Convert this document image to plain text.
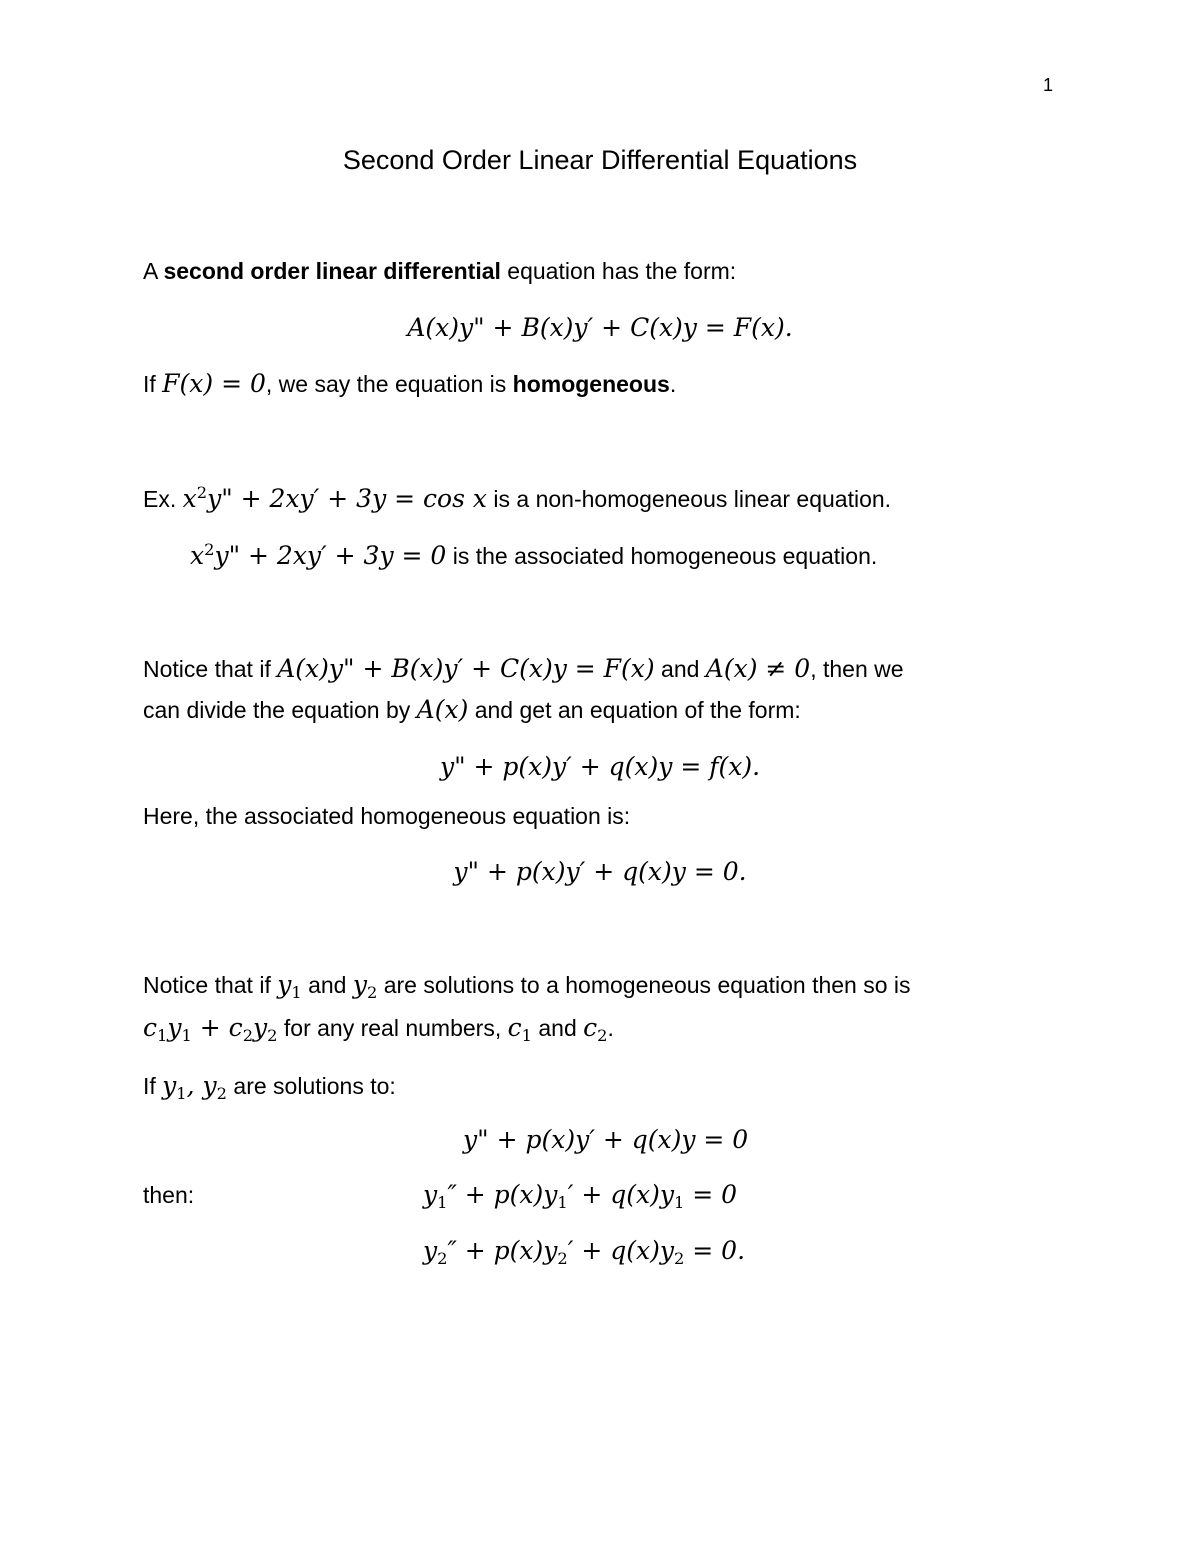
1
Second Order Linear Differential Equations
A second order linear differential equation has the form:
A(x)y" + B(x)y′ + C(x)y = F(x).
If F(x) = 0, we say the equation is homogeneous.
Ex. $x^2y$" + 2xy′ + 3y = cos x is a non-homogeneous linear equation.
$x^2y$" + 2xy′ + 3y = 0 is the associated homogeneous equation.
Notice that if A(x)y" + B(x)y′ + C(x)y = F(x) and A(x) ≠ 0, then we
can divide the equation by A(x) and get an equation of the form:
y" + p(x)y′ + q(x)y = f(x).
Here, the associated homogeneous equation is:
y" + p(x)y′ + q(x)y = 0.
Notice that if $y_1$ and $y_2$ are solutions to a homogeneous equation then so is
$c_1y_1 + c_2y_2$ for any real numbers, $c_1$ and $c_2$.
If $y_1$, $y_2$ are solutions to:
y" + p(x)y′ + q(x)y = 0
then:	$y_1'' + p(x)y_1' + q(x)y_1 = 0$
$y_2'' + p(x)y_2' + q(x)y_2 = 0$.
